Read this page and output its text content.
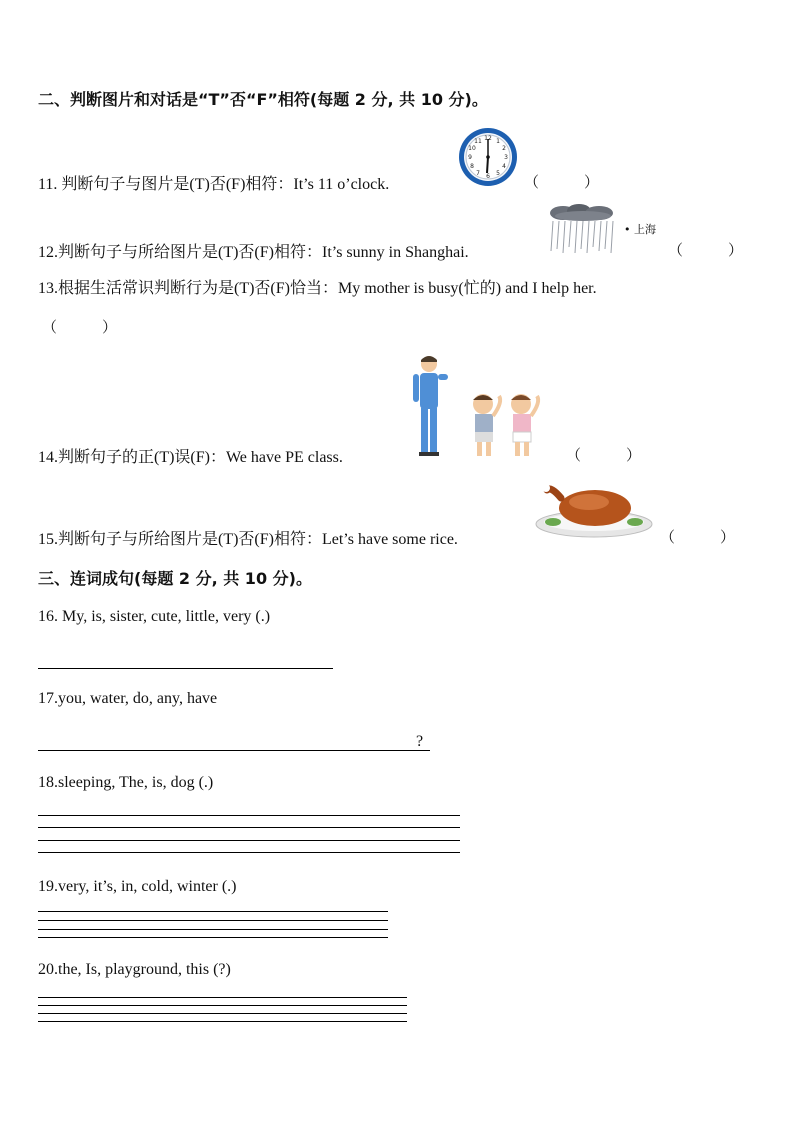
二、判断图片和对话是“T”否“F”相符(每题 2 分, 共 10 分)。
11. 判断句子与图片是(T)否(F)相符：It’s 11 o’clock.
12 1
2
3
4
5
6
7
8
9
10
11
（　　　）
12.判断句子与所给图片是(T)否(F)相符：It’s sunny in Shanghai.
• 上海
（　　　）
13.根据生活常识判断行为是(T)否(F)恰当：My mother is busy(忙的) and I help her.
（　　　）
14.判断句子的正(T)误(F)：We have PE class.	（　　　）
15.判断句子与所给图片是(T)否(F)相符：Let’s have some rice.	（　　　）
三、连词成句(每题 2 分, 共 10 分)。
16. My, is, sister, cute, little, very (.)
17.you, water, do, any, have
?
18.sleeping, The, is, dog (.)
19.very, it’s, in, cold, winter (.)
20.the, Is, playground, this (?)
